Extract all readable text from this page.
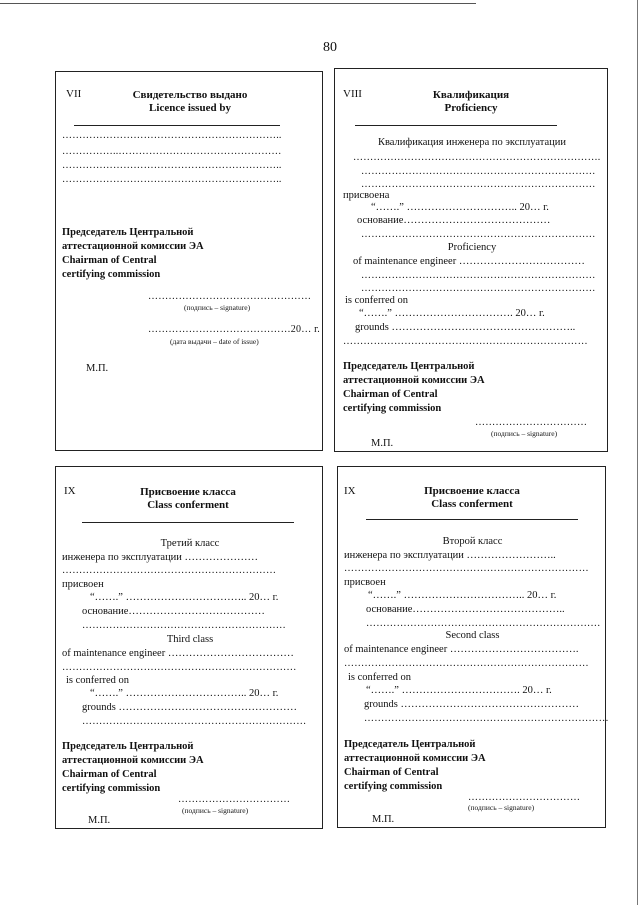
80
VII	Свидетельство выдано
Licence issued by
………………………………………………………..
……………..…………………………………………
………………………………………………………..
………………………………………………………..
Председатель Центральной
аттестационной комиссии ЭА
Chairman of Central
certifying commission
…………………………………………
(подпись – signature)
……………………………………20… г.
(дата выдачи – date of issue)
М.П.
VIII	Квалификация
Proficiency
Квалификация инженера по эксплуатации
……………………………………………………………….
……………………………………………………………
……………………………………………………………
присвоена
“…….” ………………………….. 20… г.
основание……………………………………
……………………………………………………………
Proficiency
of maintenance engineer ………………………………
……………………………………………………………
……………………………………………………………
is conferred on
“…….” ……………………………. 20… г.
grounds ……………………………………………..
………………………………………………………………
Председатель Центральной
аттестационной комиссии ЭА
Chairman of Central
certifying commission
……………………………
(подпись – signature)
М.П.
IX	Присвоение класса
Class conferment
Третий класс
инженера по эксплуатации …………………
………………………………………………………
присвоен
“…….” …………………………….. 20… г.
основание…………………………………
……………………………………………………
Third class
of maintenance engineer ………………………………
……………………………………………………………
is conferred on
“…….” …………………………….. 20… г.
grounds ……………………………………………
…………………………………………………………
Председатель Центральной
аттестационной комиссии ЭА
Chairman of Central
certifying commission
……………………………
(подпись – signature)
М.П.
IX	Присвоение класса
Class conferment
Второй класс
инженера по эксплуатации ……………………..
………………………………………………………………
присвоен
“…….” …………………………….. 20… г.
основание……………………………………..
……………………………………………………………
Second class
of maintenance engineer ……………………………….
………………………………………………………………
is conferred on
“…….” ……………………………. 20… г.
grounds ……………………………………………
………………………………………………………………
Председатель Центральной
аттестационной комиссии ЭА
Chairman of Central
certifying commission
……………………………
(подпись – signature)
М.П.
